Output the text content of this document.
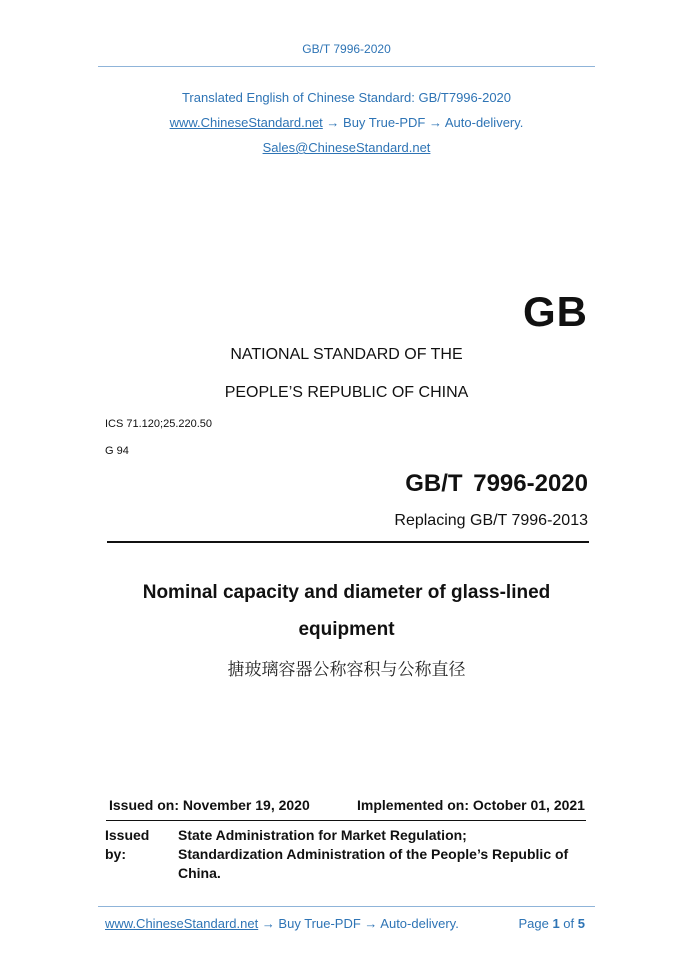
GB/T 7996-2020
Translated English of Chinese Standard: GB/T7996-2020
www.ChineseStandard.net → Buy True-PDF → Auto-delivery.
Sales@ChineseStandard.net
GB
NATIONAL STANDARD OF THE
PEOPLE’S REPUBLIC OF CHINA
ICS 71.120;25.220.50
G 94
GB/T 7996-2020
Replacing GB/T 7996-2013
Nominal capacity and diameter of glass-lined
equipment
搪玻璃容器公称容积与公称直径
Issued on: November 19, 2020	Implemented on: October 01, 2021
Issued by:
State Administration for Market Regulation;
Standardization Administration of the People’s Republic of
China.
www.ChineseStandard.net → Buy True-PDF → Auto-delivery.	Page 1 of 5
